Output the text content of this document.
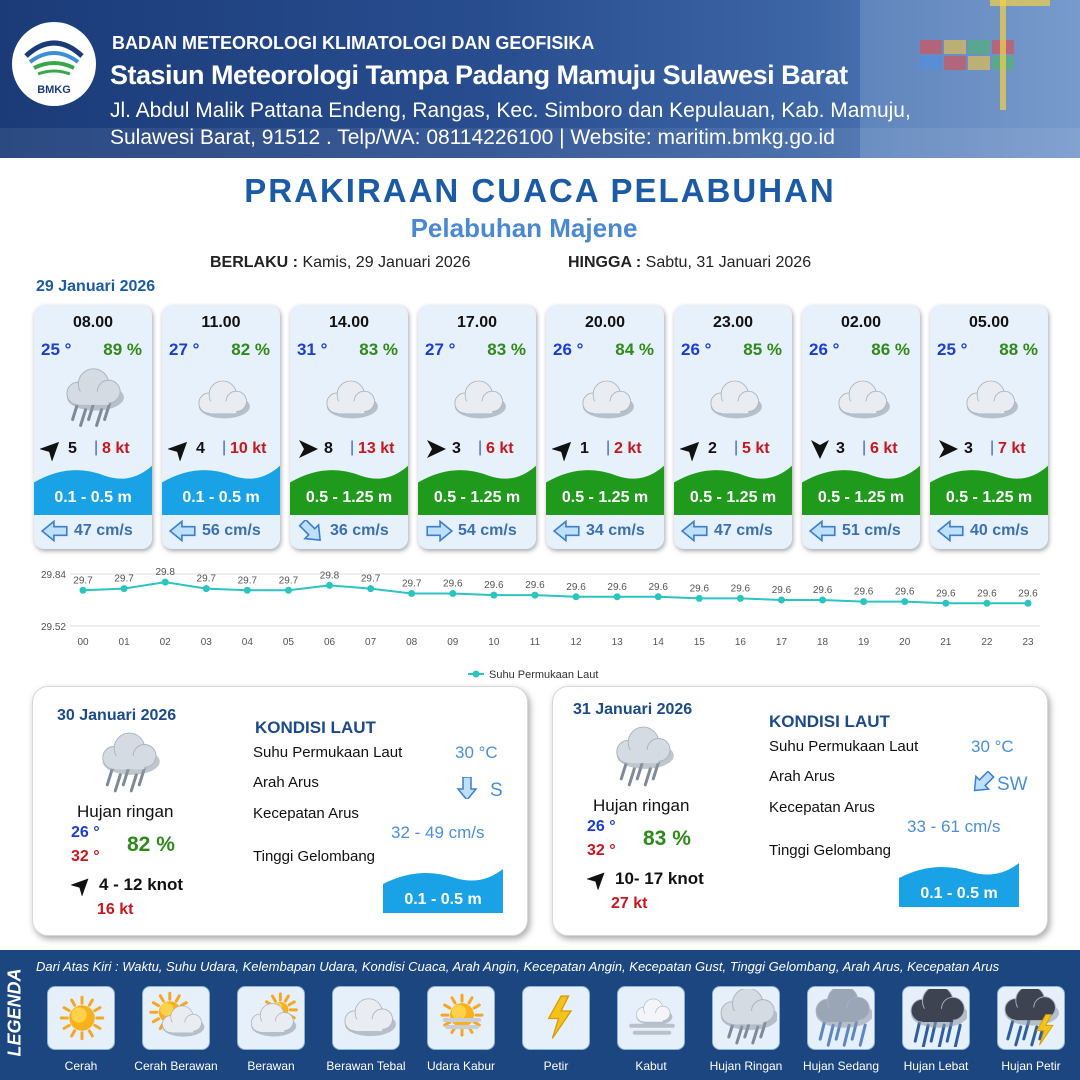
BMKG
BADAN METEOROLOGI KLIMATOLOGI DAN GEOFISIKA
Stasiun Meteorologi Tampa Padang Mamuju Sulawesi Barat
Jl. Abdul Malik Pattana Endeng, Rangas, Kec. Simboro dan Kepulauan, Kab. Mamuju,
Sulawesi Barat, 91512 . Telp/WA: 08114226100 | Website: maritim.bmkg.go.id
PRAKIRAAN CUACA PELABUHAN
Pelabuhan Majene
BERLAKU : Kamis, 29 Januari 2026	HINGGA : Sabtu, 31 Januari 2026
29 Januari 2026
08.00
25 ° 89 %
5 | 8 kt
0.1 - 0.5 m
47 cm/s
11.00
27 ° 82 %
4 | 10 kt
0.1 - 0.5 m
56 cm/s
14.00
31 ° 83 %
8 | 13 kt
0.5 - 1.25 m
36 cm/s
17.00
27 ° 83 %
3 | 6 kt
0.5 - 1.25 m
54 cm/s
20.00
26 ° 84 %
1 | 2 kt
0.5 - 1.25 m
34 cm/s
23.00
26 ° 85 %
2 | 5 kt
0.5 - 1.25 m
47 cm/s
02.00
26 ° 86 %
3 | 6 kt
0.5 - 1.25 m
51 cm/s
05.00
25 ° 88 %
3 | 7 kt
0.5 - 1.25 m
40 cm/s
29.84
29.52
29.7
00
29.7
01
29.8
02
29.7
03
29.7
04
29.7
05
29.8
06
29.7
07
29.7
08
29.6
09
29.6
10
29.6
11
29.6
12
29.6
13
29.6
14
29.6
15
29.6
16
29.6
17
29.6
18
29.6
19
29.6
20
29.6
21
29.6
22
29.6
23
Suhu Permukaan Laut
30 Januari 2026
Hujan ringan
26 °
32 °
82 %
4 - 12 knot
16 kt
KONDISI LAUT
Suhu Permukaan Laut
Arah Arus
Kecepatan Arus
Tinggi Gelombang
30 °C
S
32 - 49 cm/s
0.1 - 0.5 m
31 Januari 2026
Hujan ringan
26 °
32 °
83 %
10- 17 knot
27 kt
KONDISI LAUT
Suhu Permukaan Laut
Arah Arus
Kecepatan Arus
Tinggi Gelombang
30 °C
SW
33 - 61 cm/s
0.1 - 0.5 m
LEGENDA
Dari Atas Kiri : Waktu, Suhu Udara, Kelembapan Udara, Kondisi Cuaca, Arah Angin, Kecepatan Angin, Kecepatan Gust, Tinggi Gelombang, Arah Arus, Kecepatan Arus
Cerah	Cerah Berawan	Berawan	Berawan Tebal	Udara Kabur	Petir	Kabut	Hujan Ringan	Hujan Sedang	Hujan Lebat	Hujan Petir
